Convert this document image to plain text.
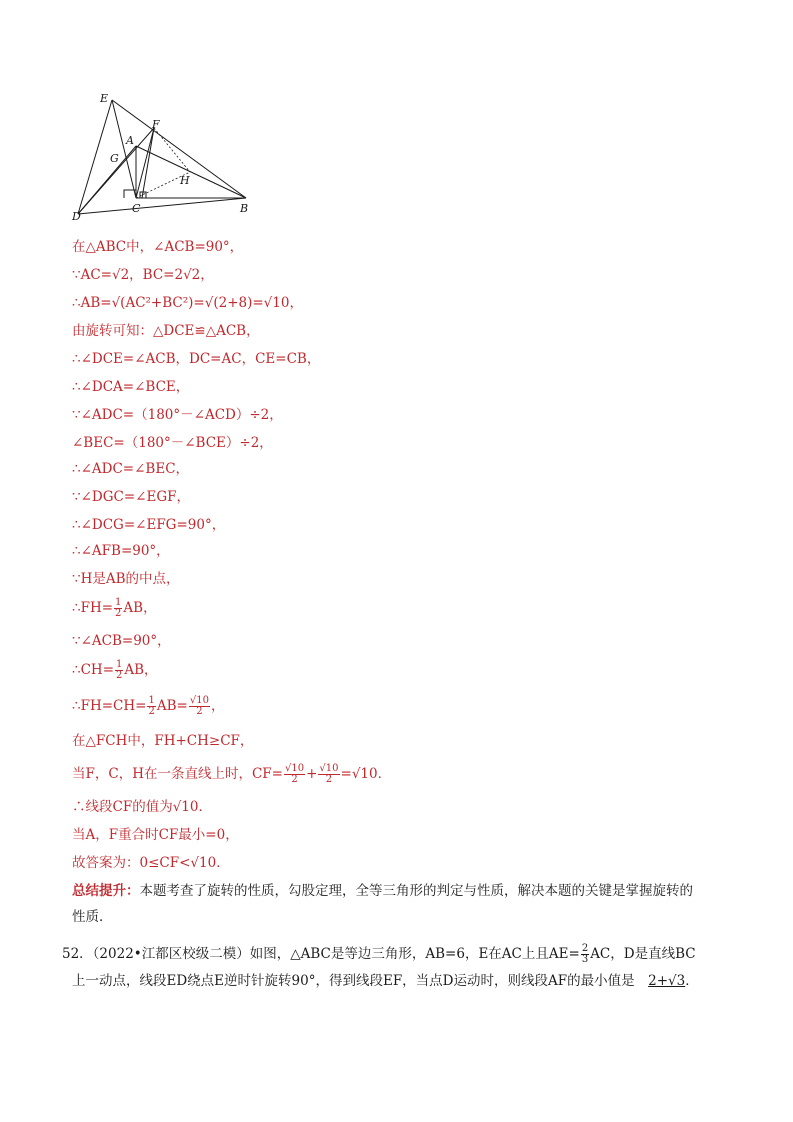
E
A
F
G
H
D
C	B
在△ABC中，∠ACB=90°，
∵AC=√2，BC=2√2，
∴AB=√(AC²+BC²)=√(2+8)=√10，
由旋转可知：△DCE≌△ACB，
∴∠DCE=∠ACB，DC=AC，CE=CB，
∴∠DCA=∠BCE，
∵∠ADC=（180°－∠ACD）÷2，
∠BEC=（180°－∠BCE）÷2，
∴∠ADC=∠BEC，
∵∠DGC=∠EGF，
∴∠DCG=∠EFG=90°，
∴∠AFB=90°，
∵H是AB的中点，
∴FH= $\frac{1}{2}$ AB，
∵∠ACB=90°，
∴CH= $\frac{1}{2}$ AB，
∴FH=CH= $\frac{1}{2} AB= \frac{√10}{2}$ ，
在△FCH中，FH+CH≥CF，
当F，C，H在一条直线上时，$CF= \frac{√10}{2} + \frac{√10}{2} =√10$．
∴线段CF的值为√10．
当A，F重合时CF最小=0，
故答案为：0≤CF<√10．
总结提升：本题考查了旋转的性质，勾股定理，全等三角形的判定与性质，解决本题的关键是掌握旋转的
性质．
52．（2022•江都区校级二模）如图，△ABC是等边三角形，AB=6，E在AC上且$AE= \frac{2}{3}$ AC，D是直线BC
上一动点，线段ED绕点E逆时针旋转90°，得到线段EF，当点D运动时，则线段AF的最小值是　2+√3．
